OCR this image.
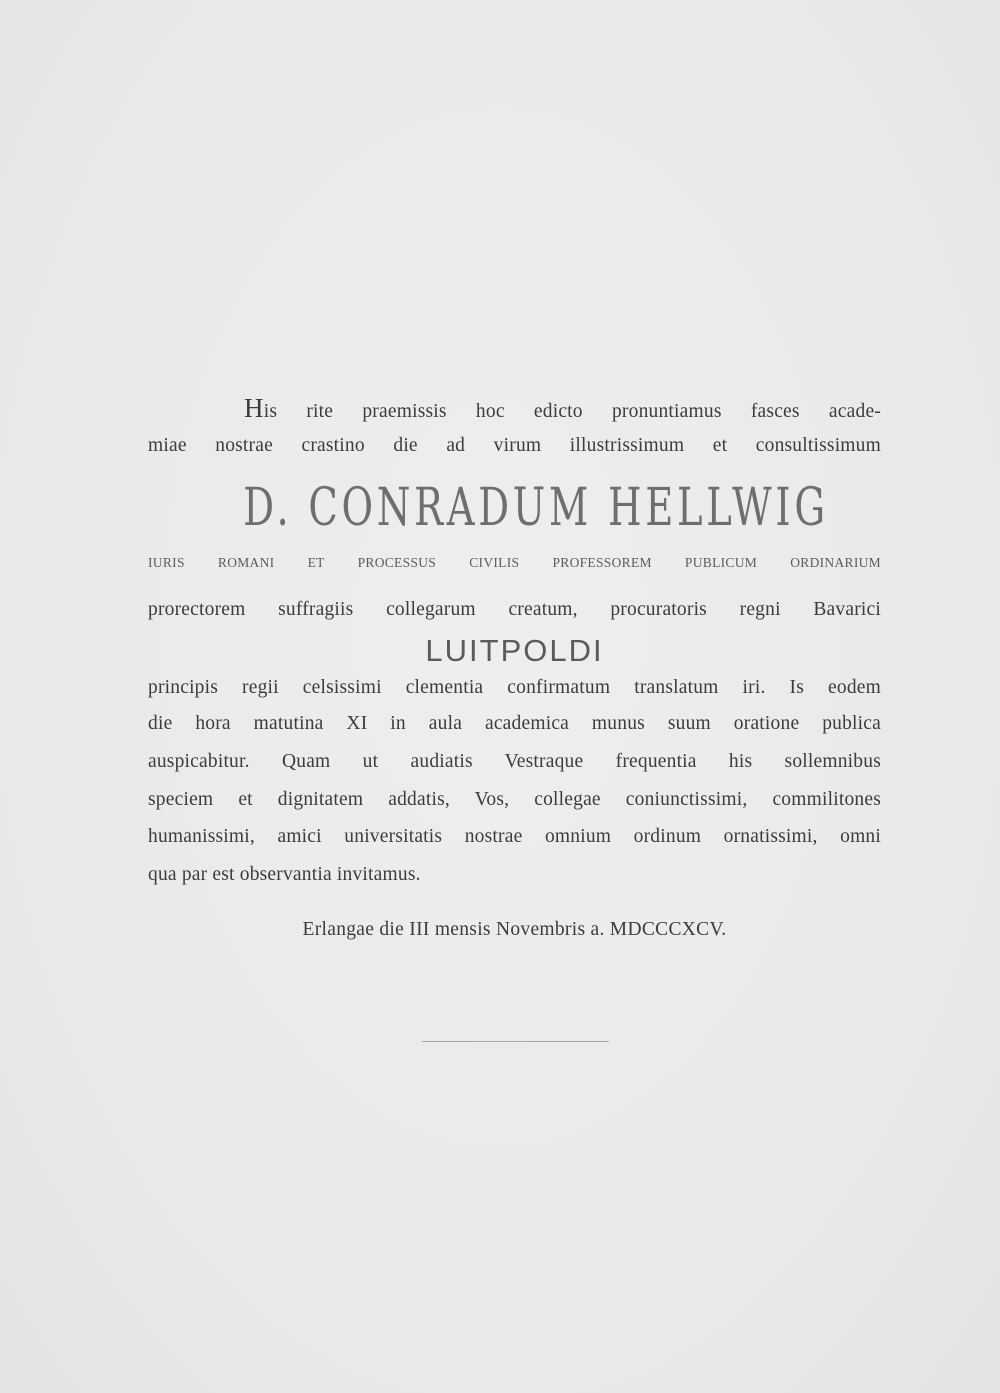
His rite praemissis hoc edicto pronuntiamus fasces acade-
miae nostrae crastino die ad virum illustrissimum et consultissimum
D. CONRADUM HELLWIG
IURIS ROMANI ET PROCESSUS CIVILIS PROFESSOREM PUBLICUM ORDINARIUM
prorectorem suffragiis collegarum creatum, procuratoris regni Bavarici
LUITPOLDI
principis regii celsissimi clementia confirmatum translatum iri. Is eodem
die hora matutina XI in aula academica munus suum oratione publica
auspicabitur. Quam ut audiatis Vestraque frequentia his sollemnibus
speciem et dignitatem addatis, Vos, collegae coniunctissimi, commilitones
humanissimi, amici universitatis nostrae omnium ordinum ornatissimi, omni
qua par est observantia invitamus.
Erlangae die III mensis Novembris a. MDCCCXCV.
